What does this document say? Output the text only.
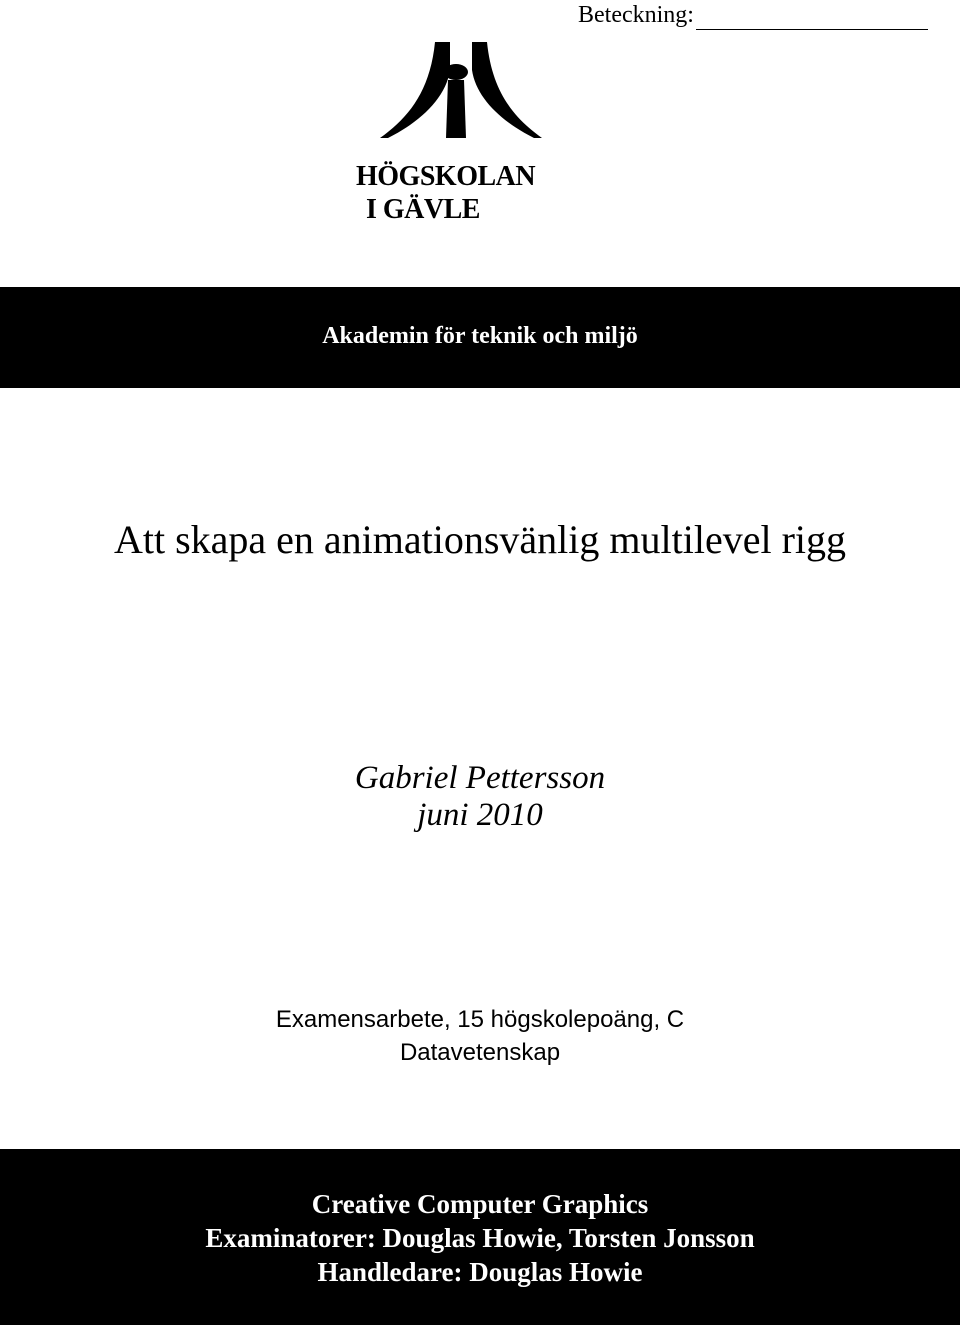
Beteckning:
HÖGSKOLAN
I GÄVLE
Akademin för teknik och miljö
Att skapa en animationsvänlig multilevel rigg
Gabriel Pettersson
juni 2010
Examensarbete, 15 högskolepoäng, C
Datavetenskap
Creative Computer Graphics
Examinatorer: Douglas Howie, Torsten Jonsson
Handledare: Douglas Howie
